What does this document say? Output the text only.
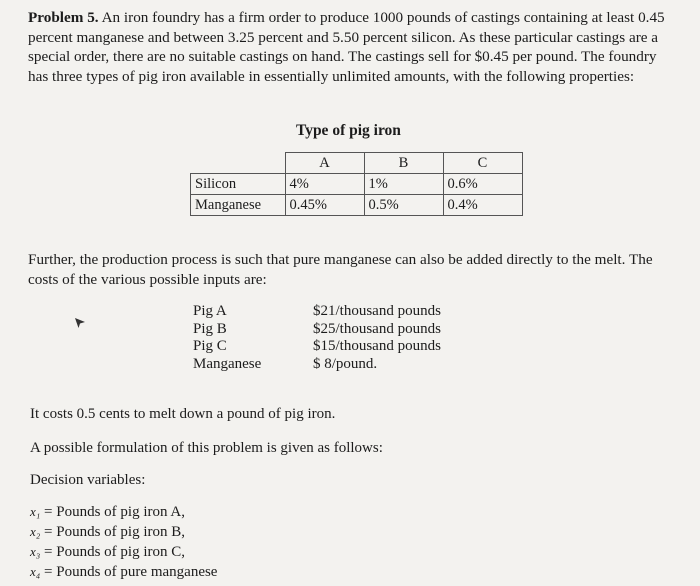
Problem 5. An iron foundry has a firm order to produce 1000 pounds of castings containing at least 0.45 percent manganese and between 3.25 percent and 5.50 percent silicon. As these particular castings are a special order, there are no suitable castings on hand. The castings sell for $0.45 per pound. The foundry has three types of pig iron available in essentially unlimited amounts, with the following properties:
Type of pig iron
	A	B	C
Silicon	4%	1%	0.6%
Manganese	0.45%	0.5%	0.4%
Further, the production process is such that pure manganese can also be added directly to the melt. The costs of the various possible inputs are:
Pig A	$21/thousand pounds
Pig B	$25/thousand pounds
Pig C	$15/thousand pounds
Manganese	$ 8/pound.
It costs 0.5 cents to melt down a pound of pig iron.
A possible formulation of this problem is given as follows:
Decision variables:
x₁ = Pounds of pig iron A,
x₂ = Pounds of pig iron B,
x₃ = Pounds of pig iron C,
x₄ = Pounds of pure manganese
